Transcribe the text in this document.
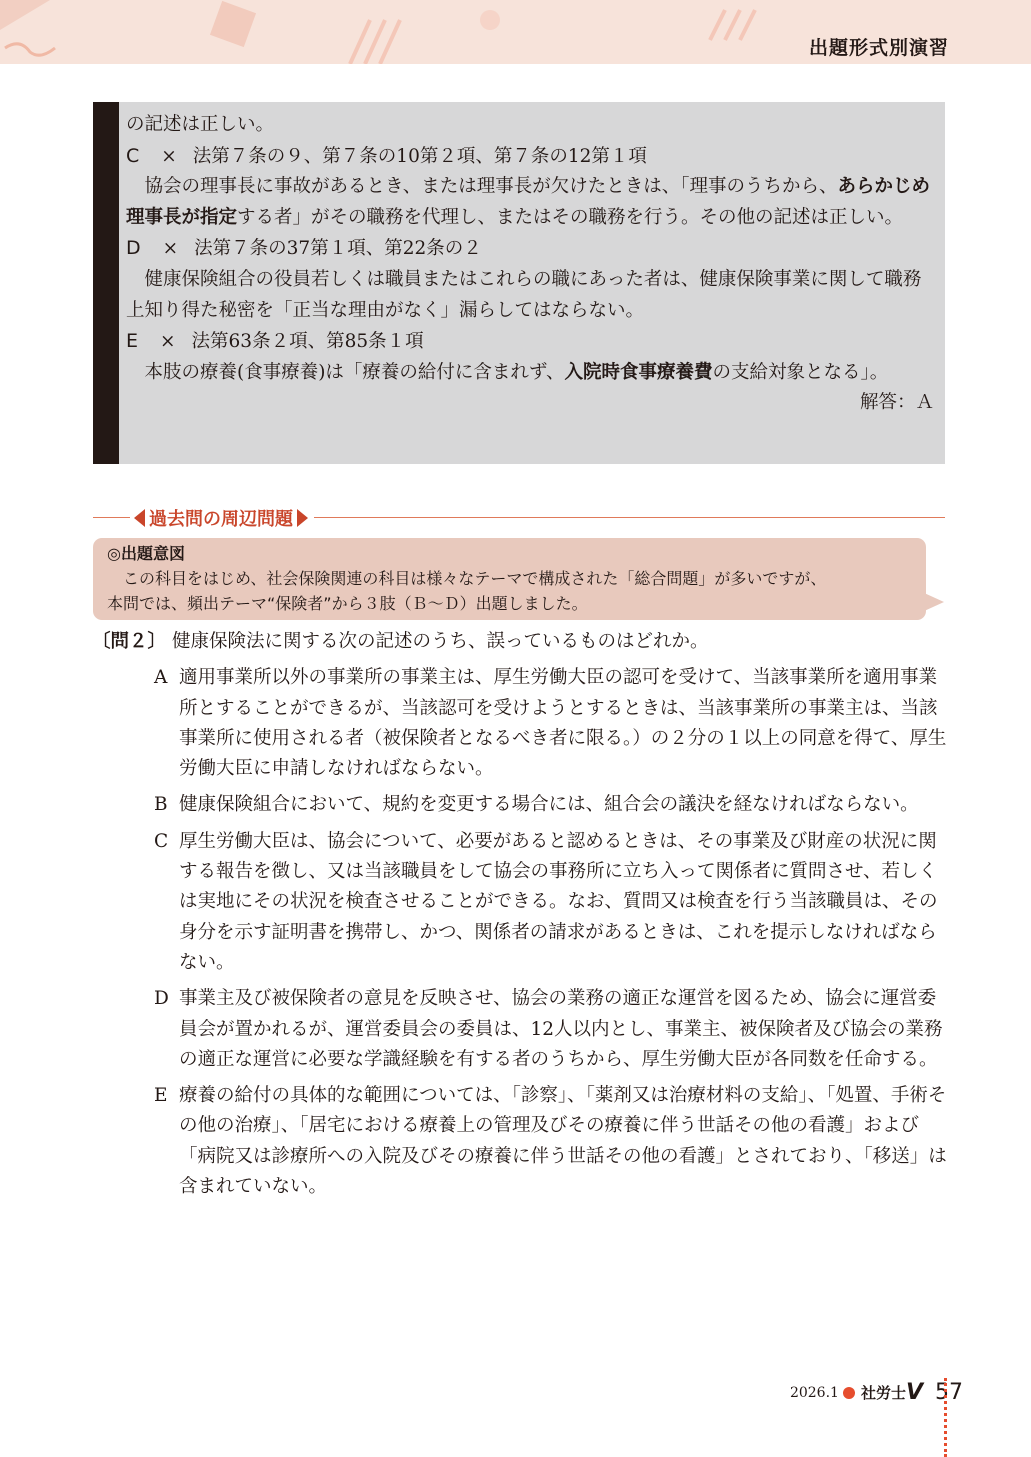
出題形式別演習

の記述は正しい。

C × 法第７条の９、第７条の10第２項、第７条の12第１項

協会の理事長に事故があるとき、または理事長が欠けたときは、「理事のうちから、あらかじめ理事長が指定する者」がその職務を代理し、またはその職務を行う。その他の記述は正しい。

D × 法第７条の37第１項、第22条の２

健康保険組合の役員若しくは職員またはこれらの職にあった者は、健康保険事業に関して職務上知り得た秘密を「正当な理由がなく」漏らしてはならない。

E × 法第63条２項、第85条１項

本肢の療養(食事療養)は「療養の給付に含まれず、入院時食事療養費の支給対象となる」。

解答：Ａ

過去問の周辺問題
◎出題意図

この科目をはじめ、社会保険関連の科目は様々なテーマで構成された「総合問題」が多いですが、

本問では、頻出テーマ“保険者”から３肢（Ｂ～Ｄ）出題しました。

〔問２〕 健康保険法に関する次の記述のうち、誤っているものはどれか。
A 適用事業所以外の事業所の事業主は、厚生労働大臣の認可を受けて、当該事業所を適用事業所とすることができるが、当該認可を受けようとするときは、当該事業所の事業主は、当該事業所に使用される者（被保険者となるべき者に限る。）の２分の１以上の同意を得て、厚生労働大臣に申請しなければならない。
B 健康保険組合において、規約を変更する場合には、組合会の議決を経なければならない。
C 厚生労働大臣は、協会について、必要があると認めるときは、その事業及び財産の状況に関する報告を徴し、又は当該職員をして協会の事務所に立ち入って関係者に質問させ、若しくは実地にその状況を検査させることができる。なお、質問又は検査を行う当該職員は、その身分を示す証明書を携帯し、かつ、関係者の請求があるときは、これを提示しなければならない。
D 事業主及び被保険者の意見を反映させ、協会の業務の適正な運営を図るため、協会に運営委員会が置かれるが、運営委員会の委員は、12人以内とし、事業主、被保険者及び協会の業務の適正な運営に必要な学識経験を有する者のうちから、厚生労働大臣が各同数を任命する。
E 療養の給付の具体的な範囲については、「診察」、「薬剤又は治療材料の支給」、「処置、手術その他の治療」、「居宅における療養上の管理及びその療養に伴う世話その他の看護」および「病院又は診療所への入院及びその療養に伴う世話その他の看護」とされており、「移送」は含まれていない。
2026.1 社労士 V 57
